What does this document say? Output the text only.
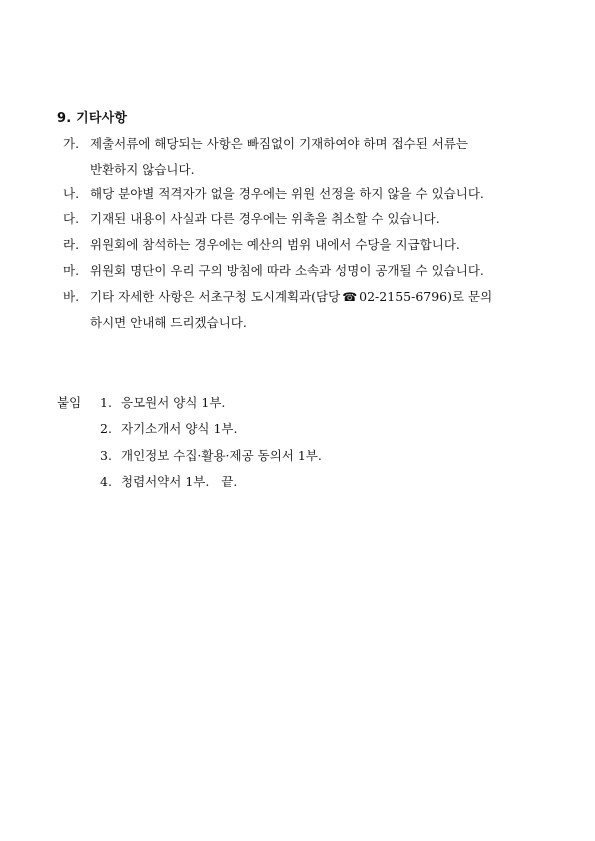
9. 기타사항
가. 제출서류에 해당되는 사항은 빠짐없이 기재하여야 하며 접수된 서류는
반환하지 않습니다.
나. 해당 분야별 적격자가 없을 경우에는 위원 선정을 하지 않을 수 있습니다.
다. 기재된 내용이 사실과 다른 경우에는 위촉을 취소할 수 있습니다.
라. 위원회에 참석하는 경우에는 예산의 범위 내에서 수당을 지급합니다.
마. 위원회 명단이 우리 구의 방침에 따라 소속과 성명이 공개될 수 있습니다.
바. 기타 자세한 사항은 서초구청 도시계획과(담당 ☎ 02-2155-6796)로 문의
하시면 안내해 드리겠습니다.
붙임	1. 응모원서 양식 1부.
2. 자기소개서 양식 1부.
3. 개인정보 수집·활용·제공 동의서 1부.
4. 청렴서약서 1부.   끝.
